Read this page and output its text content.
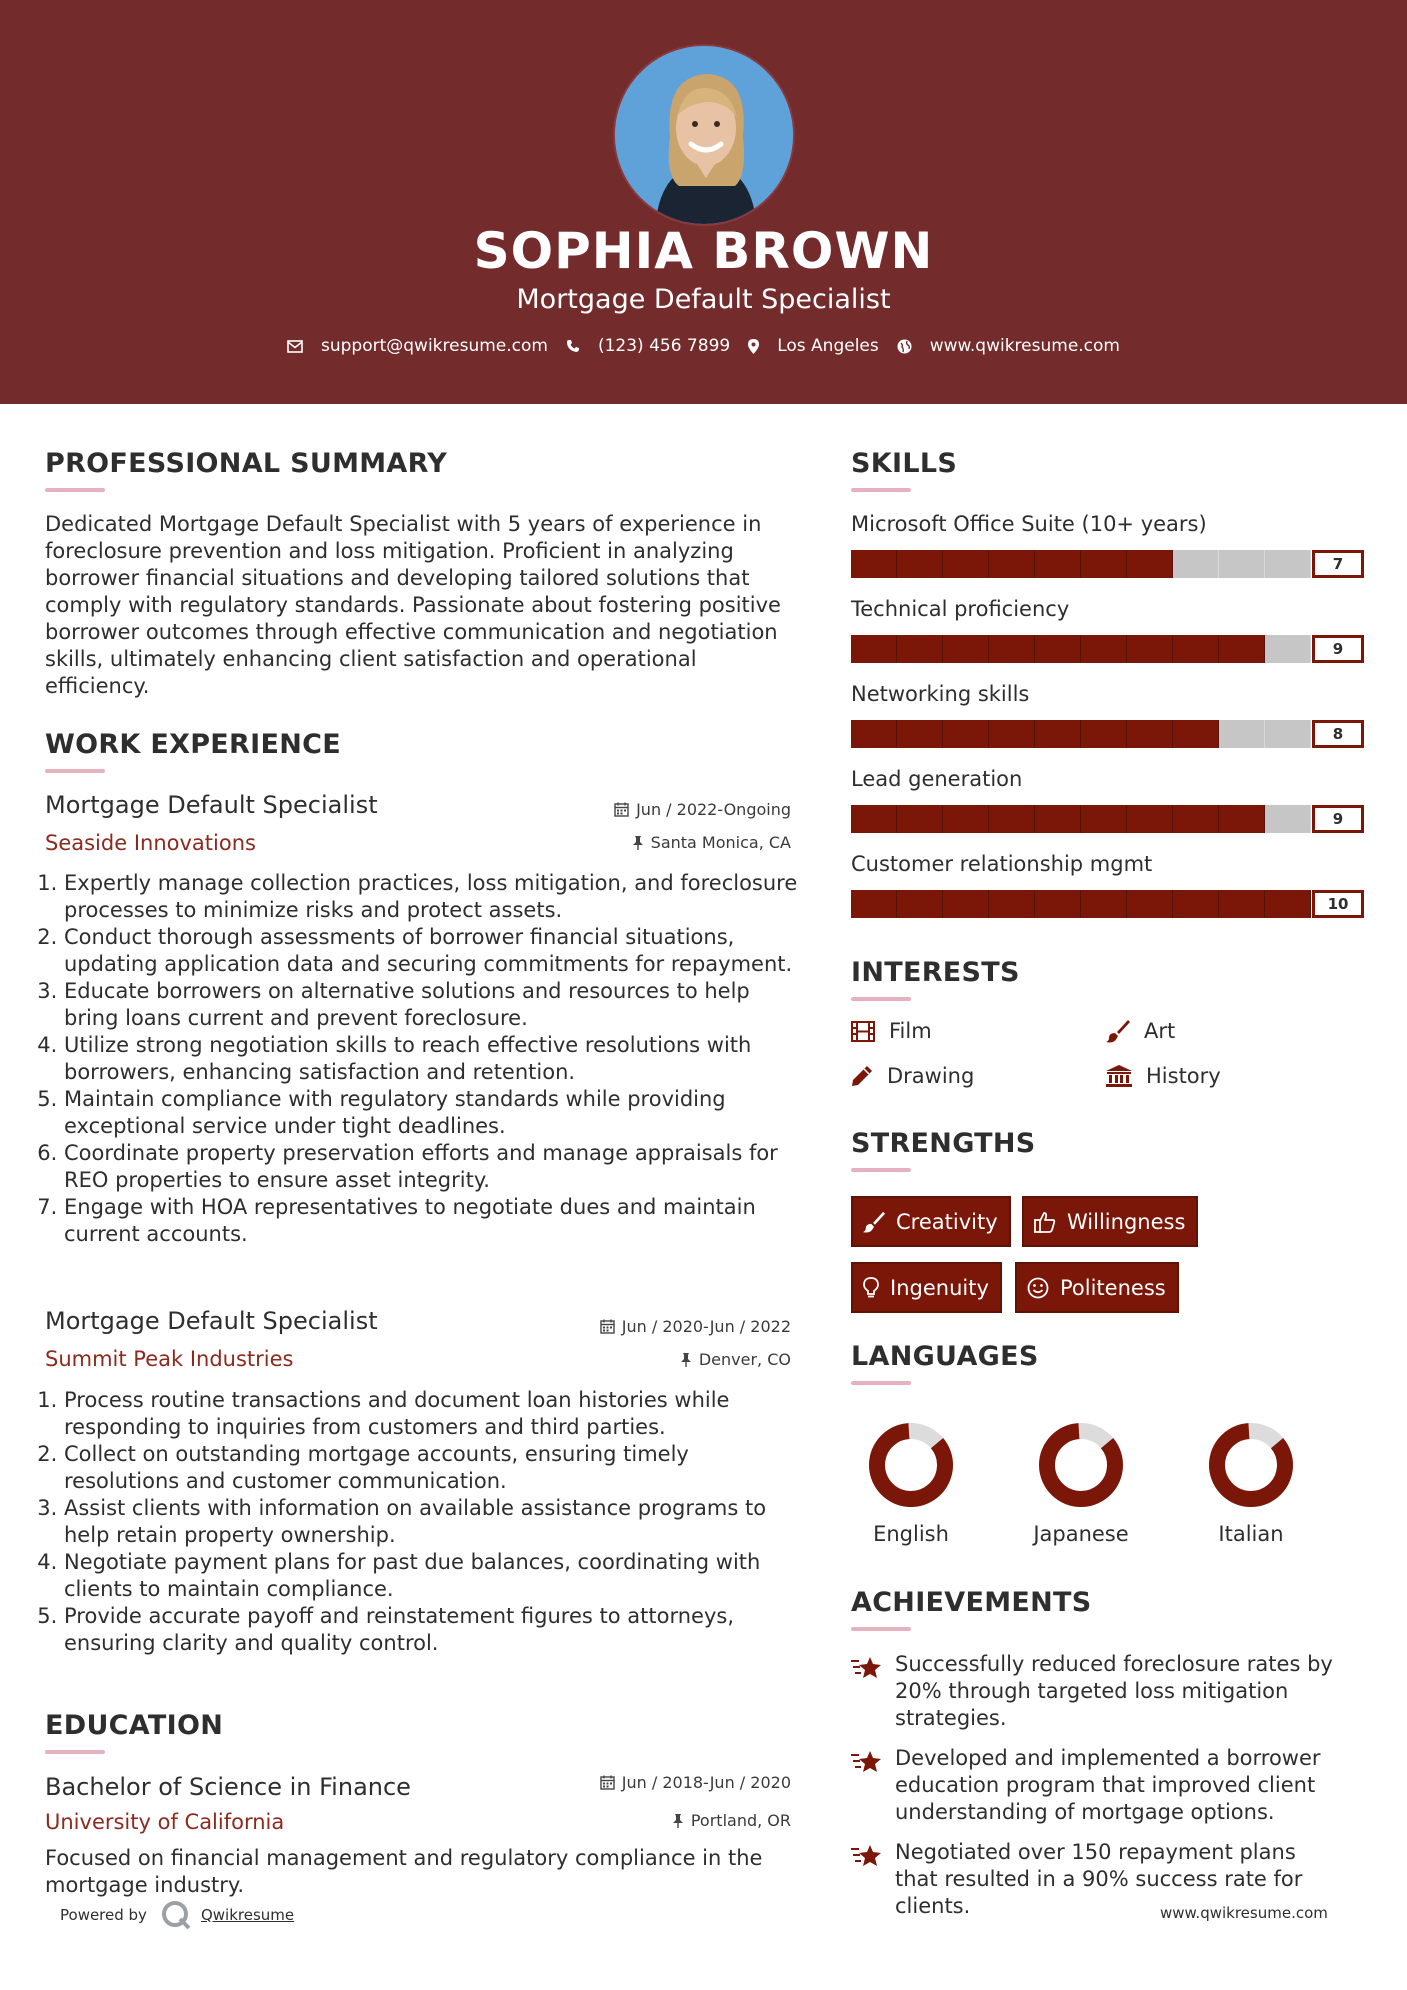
SOPHIA BROWN
Mortgage Default Specialist
support@qwikresume.com	(123) 456 7899	Los Angeles	www.qwikresume.com
PROFESSIONAL SUMMARY
Dedicated Mortgage Default Specialist with 5 years of experience in foreclosure prevention and loss mitigation. Proficient in analyzing borrower financial situations and developing tailored solutions that comply with regulatory standards. Passionate about fostering positive borrower outcomes through effective communication and negotiation skills, ultimately enhancing client satisfaction and operational efficiency.
WORK EXPERIENCE
Mortgage Default Specialist	Jun / 2022-Ongoing
Seaside Innovations	Santa Monica, CA
1. Expertly manage collection practices, loss mitigation, and foreclosure processes to minimize risks and protect assets.
2. Conduct thorough assessments of borrower financial situations, updating application data and securing commitments for repayment.
3. Educate borrowers on alternative solutions and resources to help bring loans current and prevent foreclosure.
4. Utilize strong negotiation skills to reach effective resolutions with borrowers, enhancing satisfaction and retention.
5. Maintain compliance with regulatory standards while providing exceptional service under tight deadlines.
6. Coordinate property preservation efforts and manage appraisals for REO properties to ensure asset integrity.
7. Engage with HOA representatives to negotiate dues and maintain current accounts.
Mortgage Default Specialist	Jun / 2020-Jun / 2022
Summit Peak Industries	Denver, CO
1. Process routine transactions and document loan histories while responding to inquiries from customers and third parties.
2. Collect on outstanding mortgage accounts, ensuring timely resolutions and customer communication.
3. Assist clients with information on available assistance programs to help retain property ownership.
4. Negotiate payment plans for past due balances, coordinating with clients to maintain compliance.
5. Provide accurate payoff and reinstatement figures to attorneys, ensuring clarity and quality control.
EDUCATION
Bachelor of Science in Finance	Jun / 2018-Jun / 2020
University of California	Portland, OR
Focused on financial management and regulatory compliance in the mortgage industry.
SKILLS
Microsoft Office Suite (10+ years)
7
Technical proficiency
9
Networking skills
8
Lead generation
9
Customer relationship mgmt
10
INTERESTS
Film	Art
Drawing	History
STRENGTHS
Creativity	Willingness
Ingenuity	Politeness
LANGUAGES
English	Japanese	Italian
ACHIEVEMENTS
Successfully reduced foreclosure rates by 20% through targeted loss mitigation strategies.
Developed and implemented a borrower education program that improved client understanding of mortgage options.
Negotiated over 150 repayment plans that resulted in a 90% success rate for clients.
Powered by	Qwikresume	www.qwikresume.com
